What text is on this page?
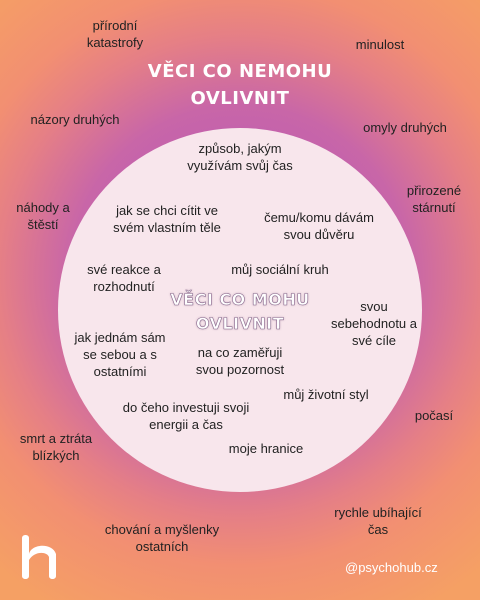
VĚCI CO NEMOHU
OVLIVNIT
přírodní
katastrofy	minulost
názory druhých
omyly druhých
náhody a
štěstí
přirozené
stárnutí
počasí
smrt a ztráta
blízkých
rychle ubíhající
čas
chování a myšlenky
ostatních
VĚCI CO MOHU
OVLIVNIT
způsob, jakým
využívám svůj čas
jak se chci cítit ve
svém vlastním těle
čemu/komu dávám
svou důvěru
své reakce a
rozhodnutí
můj sociální kruh
svou
sebehodnotu a
své cíle
jak jednám sám
se sebou a s
ostatními
na co zaměřuji
svou pozornost
můj životní styl
do čeho investuji svoji
energii a čas
moje hranice
@psychohub.cz
